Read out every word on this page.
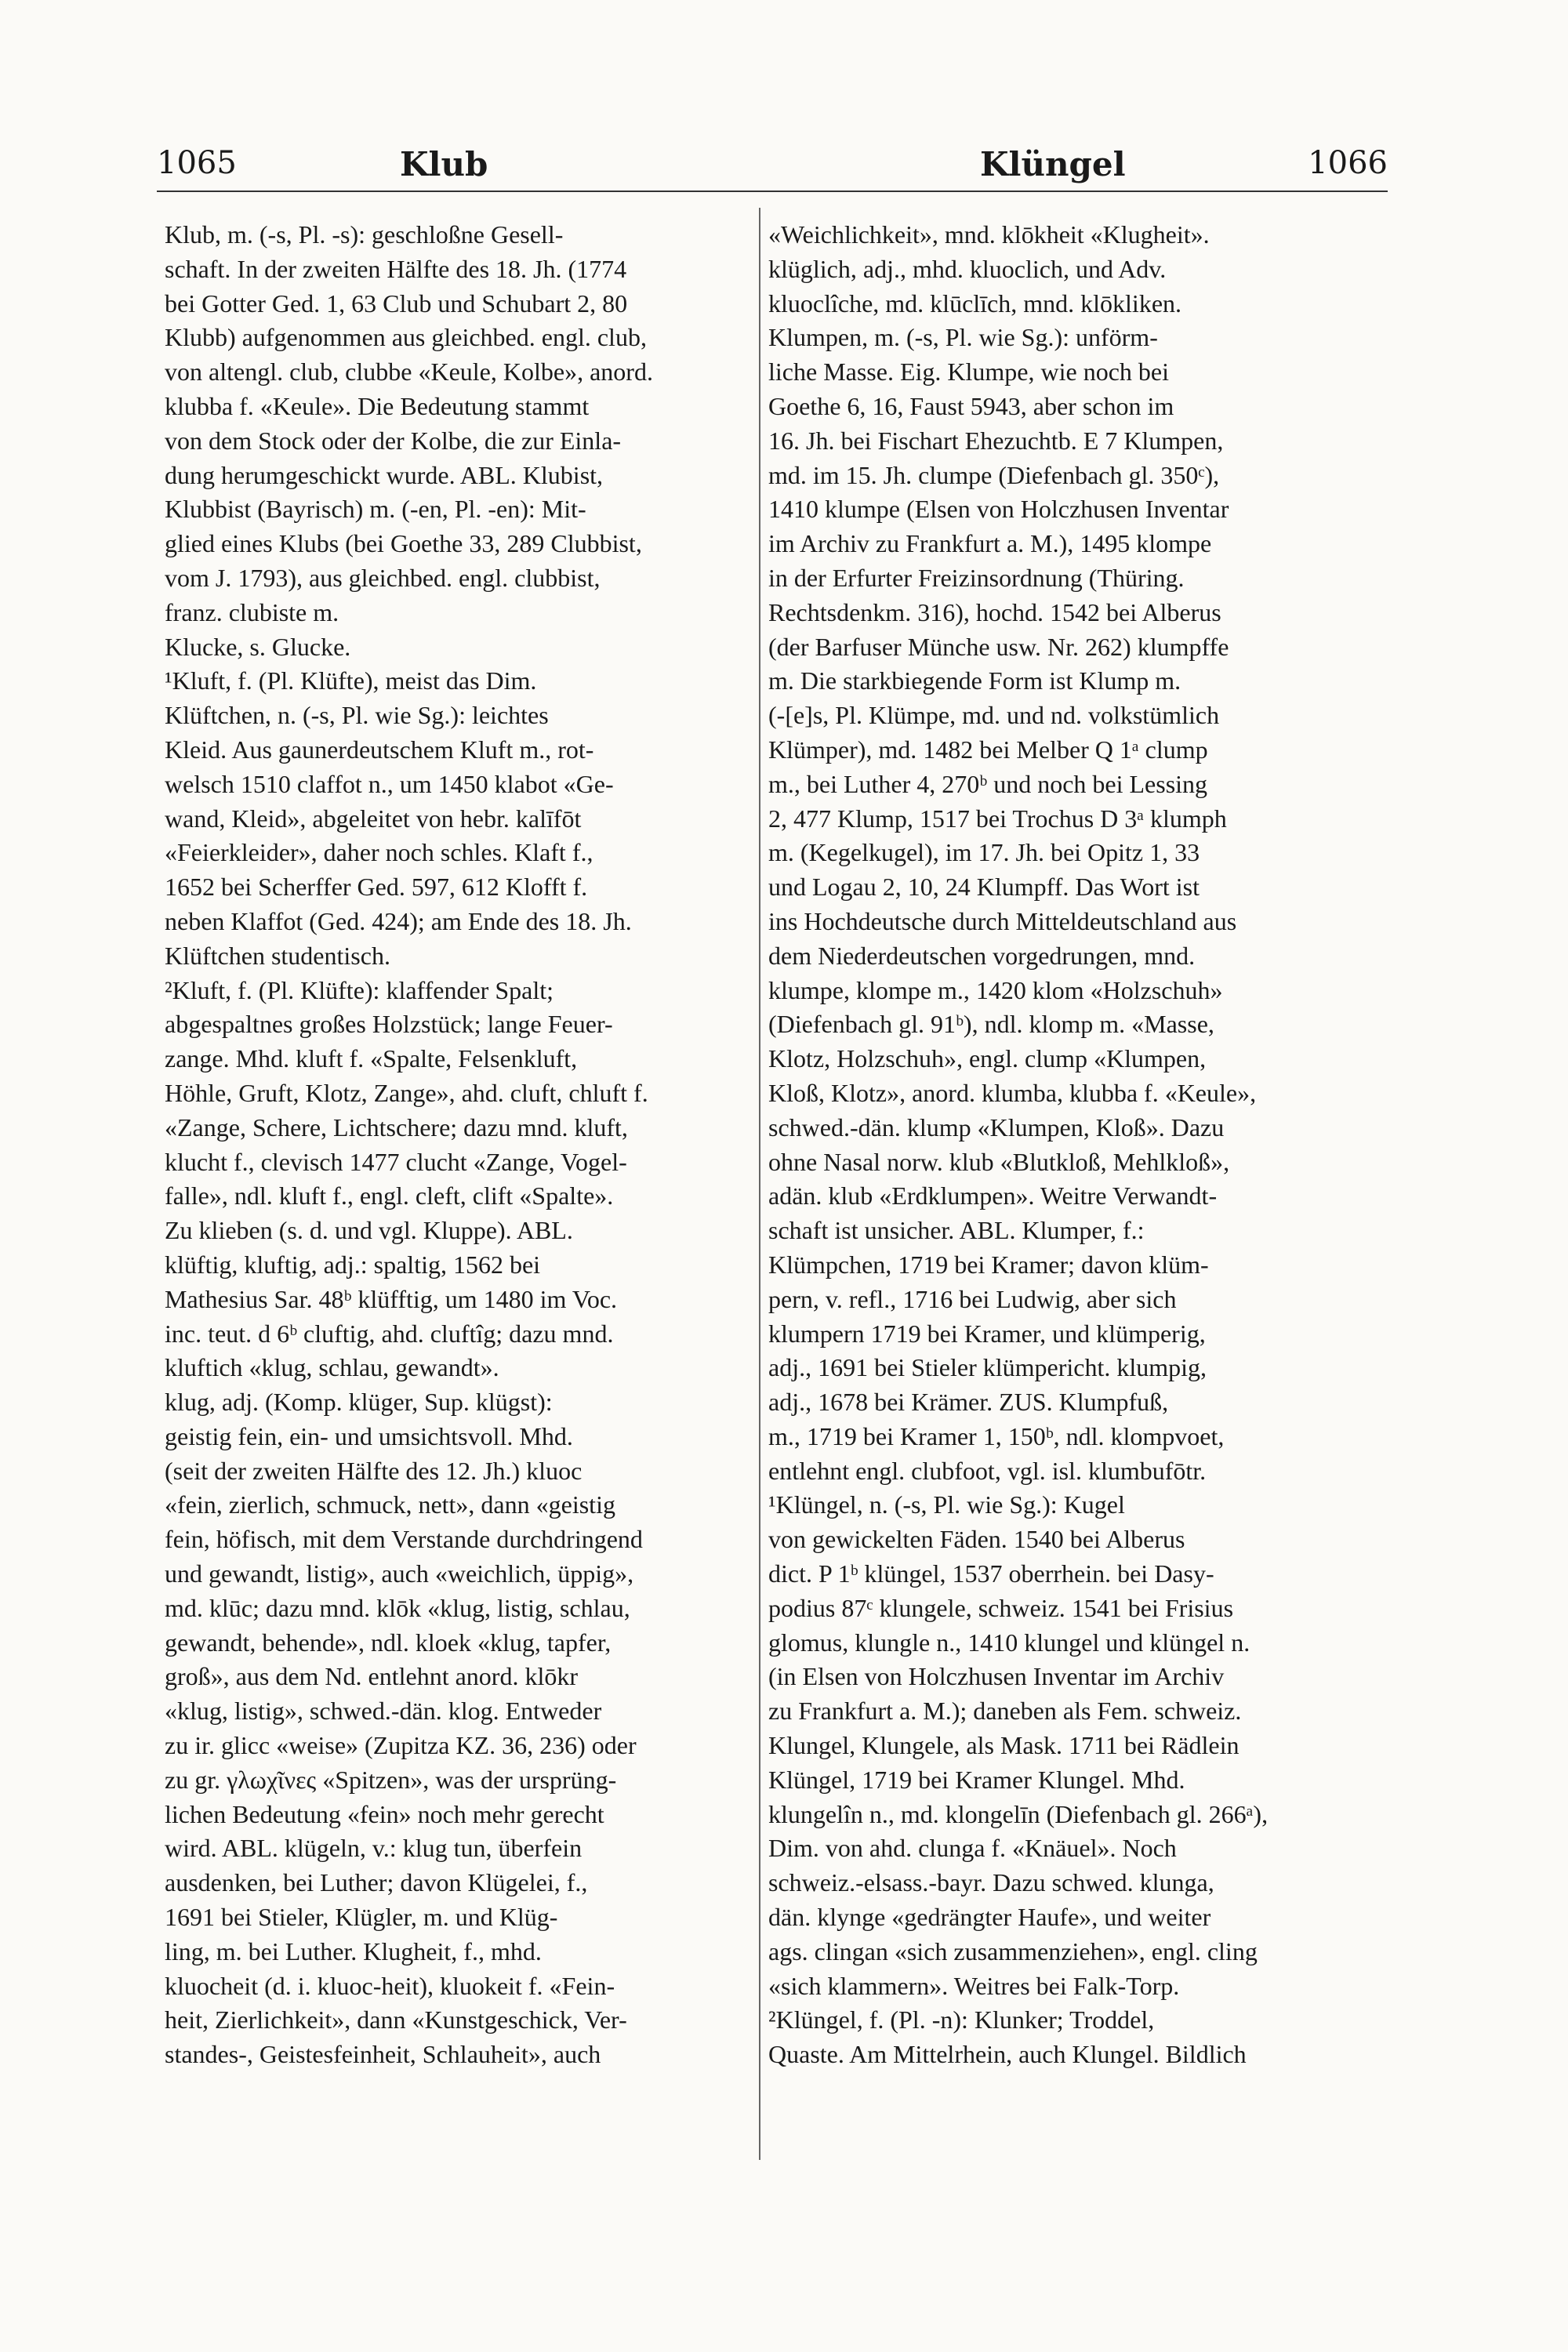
1065	Klub	Klüngel	1066
Klub, m. (-s, Pl. -s): geschloßne Gesell-
schaft. In der zweiten Hälfte des 18. Jh. (1774
bei Gotter Ged. 1, 63 Club und Schubart 2, 80
Klubb) aufgenommen aus gleichbed. engl. club,
von altengl. club, clubbe «Keule, Kolbe», anord.
klubba f. «Keule». Die Bedeutung stammt
von dem Stock oder der Kolbe, die zur Einla-
dung herumgeschickt wurde. ABL. Klubist,
Klubbist (Bayrisch) m. (-en, Pl. -en): Mit-
glied eines Klubs (bei Goethe 33, 289 Clubbist,
vom J. 1793), aus gleichbed. engl. clubbist,
franz. clubiste m.
Klucke, s. Glucke.
¹Kluft, f. (Pl. Klüfte), meist das Dim.
Klüftchen, n. (-s, Pl. wie Sg.): leichtes
Kleid. Aus gaunerdeutschem Kluft m., rot-
welsch 1510 claffot n., um 1450 klabot «Ge-
wand, Kleid», abgeleitet von hebr. kalīfōt
«Feierkleider», daher noch schles. Klaft f.,
1652 bei Scherffer Ged. 597, 612 Klofft f.
neben Klaffot (Ged. 424); am Ende des 18. Jh.
Klüftchen studentisch.
²Kluft, f. (Pl. Klüfte): klaffender Spalt;
abgespaltnes großes Holzstück; lange Feuer-
zange. Mhd. kluft f. «Spalte, Felsenkluft,
Höhle, Gruft, Klotz, Zange», ahd. cluft, chluft f.
«Zange, Schere, Lichtschere; dazu mnd. kluft,
klucht f., clevisch 1477 clucht «Zange, Vogel-
falle», ndl. kluft f., engl. cleft, clift «Spalte».
Zu klieben (s. d. und vgl. Kluppe). ABL.
klüftig, kluftig, adj.: spaltig, 1562 bei
Mathesius Sar. 48ᵇ klüfftig, um 1480 im Voc.
inc. teut. d 6ᵇ cluftig, ahd. cluftîg; dazu mnd.
kluftich «klug, schlau, gewandt».
klug, adj. (Komp. klüger, Sup. klügst):
geistig fein, ein- und umsichtsvoll. Mhd.
(seit der zweiten Hälfte des 12. Jh.) kluoc
«fein, zierlich, schmuck, nett», dann «geistig
fein, höfisch, mit dem Verstande durchdringend
und gewandt, listig», auch «weichlich, üppig»,
md. klūc; dazu mnd. klōk «klug, listig, schlau,
gewandt, behende», ndl. kloek «klug, tapfer,
groß», aus dem Nd. entlehnt anord. klōkr
«klug, listig», schwed.-dän. klog. Entweder
zu ir. glicc «weise» (Zupitza KZ. 36, 236) oder
zu gr. γλωχῖνες «Spitzen», was der ursprüng-
lichen Bedeutung «fein» noch mehr gerecht
wird. ABL. klügeln, v.: klug tun, überfein
ausdenken, bei Luther; davon Klügelei, f.,
1691 bei Stieler, Klügler, m. und Klüg-
ling, m. bei Luther. Klugheit, f., mhd.
kluocheit (d. i. kluoc-heit), kluokeit f. «Fein-
heit, Zierlichkeit», dann «Kunstgeschick, Ver-
standes-, Geistesfeinheit, Schlauheit», auch
«Weichlichkeit», mnd. klōkheit «Klugheit».
klüglich, adj., mhd. kluoclich, und Adv.
kluoclîche, md. klūclīch, mnd. klōkliken.
Klumpen, m. (-s, Pl. wie Sg.): unförm-
liche Masse. Eig. Klumpe, wie noch bei
Goethe 6, 16, Faust 5943, aber schon im
16. Jh. bei Fischart Ehezuchtb. E 7 Klumpen,
md. im 15. Jh. clumpe (Diefenbach gl. 350ᶜ),
1410 klumpe (Elsen von Holczhusen Inventar
im Archiv zu Frankfurt a. M.), 1495 klompe
in der Erfurter Freizinsordnung (Thüring.
Rechtsdenkm. 316), hochd. 1542 bei Alberus
(der Barfuser Münche usw. Nr. 262) klumpffe
m. Die starkbiegende Form ist Klump m.
(-[e]s, Pl. Klümpe, md. und nd. volkstümlich
Klümper), md. 1482 bei Melber Q 1ᵃ clump
m., bei Luther 4, 270ᵇ und noch bei Lessing
2, 477 Klump, 1517 bei Trochus D 3ᵃ klumph
m. (Kegelkugel), im 17. Jh. bei Opitz 1, 33
und Logau 2, 10, 24 Klumpff. Das Wort ist
ins Hochdeutsche durch Mitteldeutschland aus
dem Niederdeutschen vorgedrungen, mnd.
klumpe, klompe m., 1420 klom «Holzschuh»
(Diefenbach gl. 91ᵇ), ndl. klomp m. «Masse,
Klotz, Holzschuh», engl. clump «Klumpen,
Kloß, Klotz», anord. klumba, klubba f. «Keule»,
schwed.-dän. klump «Klumpen, Kloß». Dazu
ohne Nasal norw. klub «Blutkloß, Mehlkloß»,
adän. klub «Erdklumpen». Weitre Verwandt-
schaft ist unsicher. ABL. Klumper, f.:
Klümpchen, 1719 bei Kramer; davon klüm-
pern, v. refl., 1716 bei Ludwig, aber sich
klumpern 1719 bei Kramer, und klümperig,
adj., 1691 bei Stieler klümpericht. klumpig,
adj., 1678 bei Krämer. ZUS. Klumpfuß,
m., 1719 bei Kramer 1, 150ᵇ, ndl. klompvoet,
entlehnt engl. clubfoot, vgl. isl. klumbufōtr.
¹Klüngel, n. (-s, Pl. wie Sg.): Kugel
von gewickelten Fäden. 1540 bei Alberus
dict. P 1ᵇ klüngel, 1537 oberrhein. bei Dasy-
podius 87ᶜ klungele, schweiz. 1541 bei Frisius
glomus, klungle n., 1410 klungel und klüngel n.
(in Elsen von Holczhusen Inventar im Archiv
zu Frankfurt a. M.); daneben als Fem. schweiz.
Klungel, Klungele, als Mask. 1711 bei Rädlein
Klüngel, 1719 bei Kramer Klungel. Mhd.
klungelîn n., md. klongelīn (Diefenbach gl. 266ᵃ),
Dim. von ahd. clunga f. «Knäuel». Noch
schweiz.-elsass.-bayr. Dazu schwed. klunga,
dän. klynge «gedrängter Haufe», und weiter
ags. clingan «sich zusammenziehen», engl. cling
«sich klammern». Weitres bei Falk-Torp.
²Klüngel, f. (Pl. -n): Klunker; Troddel,
Quaste. Am Mittelrhein, auch Klungel. Bildlich
